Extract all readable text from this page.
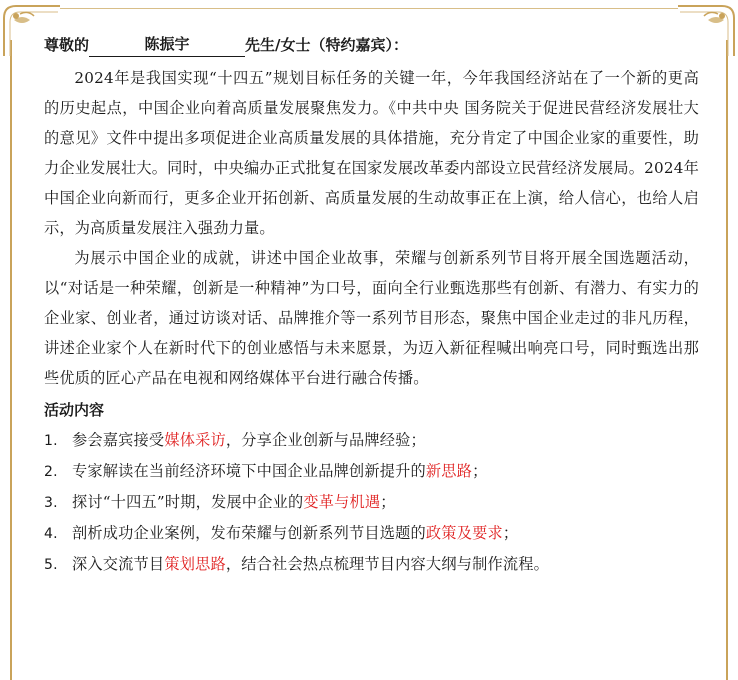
尊敬的	陈振宇	先生/女士（特约嘉宾）：

2024年是我国实现“十四五”规划目标任务的关键一年，今年我国经济站在了一个新的更高的历史起点，中国企业向着高质量发展聚焦发力。《中共中央 国务院关于促进民营经济发展壮大的意见》文件中提出多项促进企业高质量发展的具体措施，充分肯定了中国企业家的重要性，助力企业发展壮大。同时，中央编办正式批复在国家发展改革委内部设立民营经济发展局。2024年中国企业向新而行，更多企业开拓创新、高质量发展的生动故事正在上演，给人信心，也给人启示，为高质量发展注入强劲力量。

为展示中国企业的成就，讲述中国企业故事，荣耀与创新系列节目将开展全国选题活动，以“对话是一种荣耀，创新是一种精神”为口号，面向全行业甄选那些有创新、有潜力、有实力的企业家、创业者，通过访谈对话、品牌推介等一系列节目形态，聚焦中国企业走过的非凡历程，讲述企业家个人在新时代下的创业感悟与未来愿景，为迈入新征程喊出响亮口号，同时甄选出那些优质的匠心产品在电视和网络媒体平台进行融合传播。

活动内容
1. 参会嘉宾接受媒体采访，分享企业创新与品牌经验；
2. 专家解读在当前经济环境下中国企业品牌创新提升的新思路；
3. 探讨“十四五”时期，发展中企业的变革与机遇；
4. 剖析成功企业案例，发布荣耀与创新系列节目选题的政策及要求；
5. 深入交流节目策划思路，结合社会热点梳理节目内容大纲与制作流程。
